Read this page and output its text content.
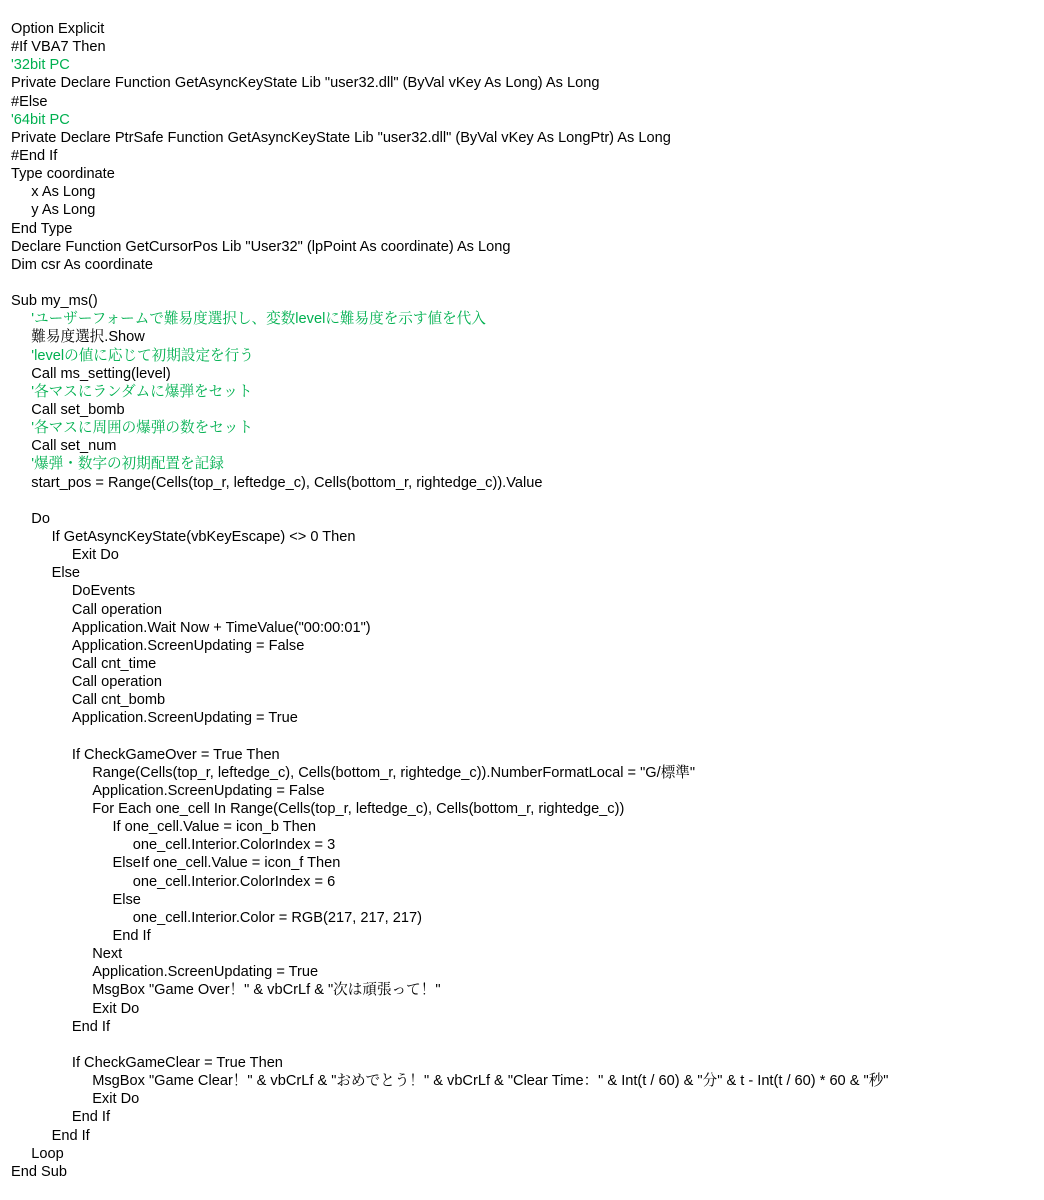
Option Explicit
#If VBA7 Then
'32bit PC
Private Declare Function GetAsyncKeyState Lib "user32.dll" (ByVal vKey As Long) As Long
#Else
'64bit PC
Private Declare PtrSafe Function GetAsyncKeyState Lib "user32.dll" (ByVal vKey As LongPtr) As Long
#End If
Type coordinate
x As Long
y As Long
End Type
Declare Function GetCursorPos Lib "User32" (lpPoint As coordinate) As Long
Dim csr As coordinate
Sub my_ms()
'ユーザーフォームで難易度選択し、変数levelに難易度を示す値を代入
難易度選択.Show
'levelの値に応じて初期設定を行う
Call ms_setting(level)
'各マスにランダムに爆弾をセット
Call set_bomb
'各マスに周囲の爆弾の数をセット
Call set_num
'爆弾・数字の初期配置を記録
start_pos = Range(Cells(top_r, leftedge_c), Cells(bottom_r, rightedge_c)).Value
Do
If GetAsyncKeyState(vbKeyEscape) <> 0 Then
Exit Do
Else
DoEvents
Call operation
Application.Wait Now + TimeValue("00:00:01")
Application.ScreenUpdating = False
Call cnt_time
Call operation
Call cnt_bomb
Application.ScreenUpdating = True
If CheckGameOver = True Then
Range(Cells(top_r, leftedge_c), Cells(bottom_r, rightedge_c)).NumberFormatLocal = "G/標準"
Application.ScreenUpdating = False
For Each one_cell In Range(Cells(top_r, leftedge_c), Cells(bottom_r, rightedge_c))
If one_cell.Value = icon_b Then
one_cell.Interior.ColorIndex = 3
ElseIf one_cell.Value = icon_f Then
one_cell.Interior.ColorIndex = 6
Else
one_cell.Interior.Color = RGB(217, 217, 217)
End If
Next
Application.ScreenUpdating = True
MsgBox "Game Over！" & vbCrLf & "次は頑張って！"
Exit Do
End If
If CheckGameClear = True Then
MsgBox "Game Clear！" & vbCrLf & "おめでとう！" & vbCrLf & "Clear Time：" & Int(t / 60) & "分" & t - Int(t / 60) * 60 & "秒"
Exit Do
End If
End If
Loop
End Sub
